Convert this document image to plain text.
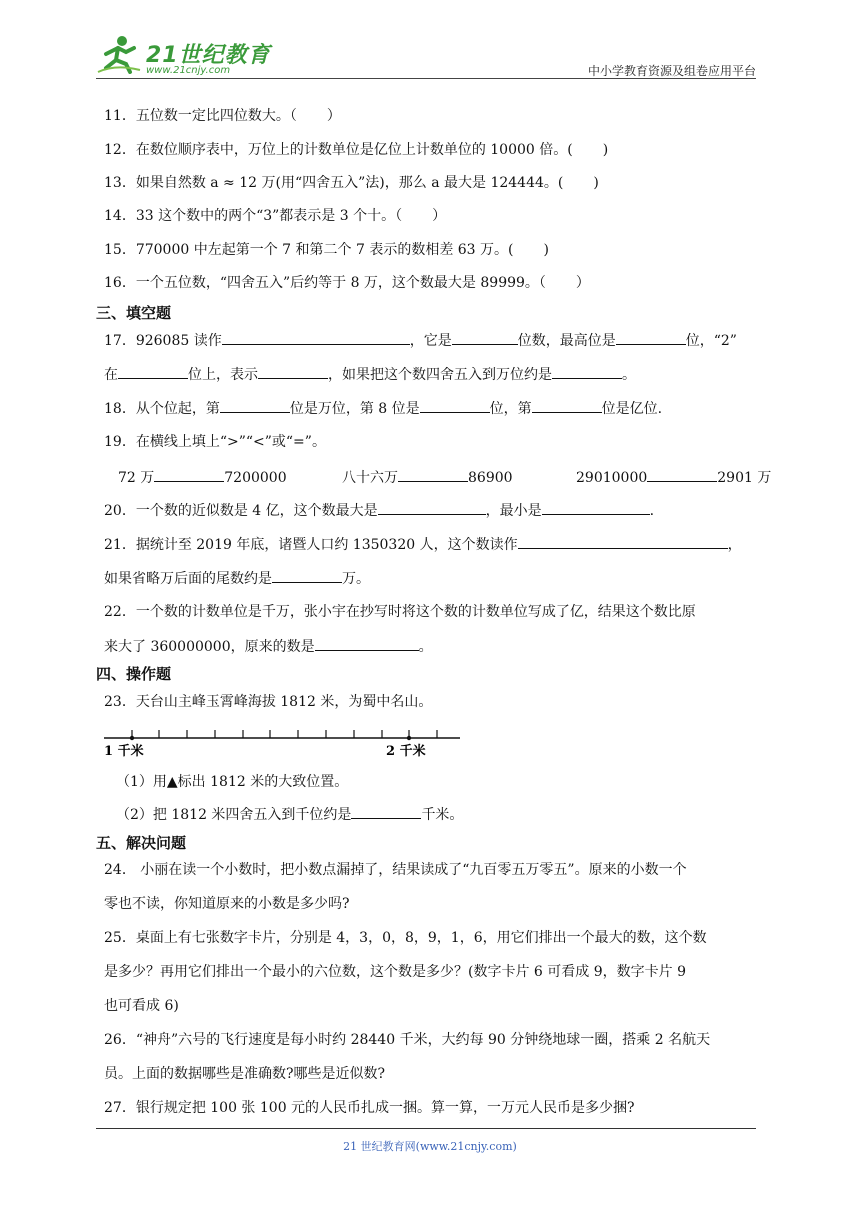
21世纪教育
www.21cnjy.com	中小学教育资源及组卷应用平台
11．五位数一定比四位数大。（ ）
12．在数位顺序表中，万位上的计数单位是亿位上计数单位的 10000 倍。( )
13．如果自然数 a ≈ 12 万(用“四舍五入”法)，那么 a 最大是 124444。( )
14．33 这个数中的两个“3”都表示是 3 个十。（ ）
15．770000 中左起第一个 7 和第二个 7 表示的数相差 63 万。( )
16．一个五位数，“四舍五入”后约等于 8 万，这个数最大是 89999。（ ）
三、填空题
17．926085 读作	，它是	位数，最高位是	位，“2”
在	位上，表示	，如果把这个数四舍五入到万位约是	。
18．从个位起，第	位是万位，第 8 位是	位，第	位是亿位.
19．在横线上填上“>”“<”或“=”。
72 万	7200000	八十六万	86900	29010000	2901 万
20．一个数的近似数是 4 亿，这个数最大是	，最小是	.
21．据统计至 2019 年底，诸暨人口约 1350320 人，这个数读作	，
如果省略万后面的尾数约是	万。
22．一个数的计数单位是千万，张小宇在抄写时将这个数的计数单位写成了亿，结果这个数比原
来大了 360000000，原来的数是	。
四、操作题
23．天台山主峰玉霄峰海拔 1812 米，为蜀中名山。
（1）用▲标出 1812 米的大致位置。
（2）把 1812 米四舍五入到千位约是	千米。
五、解决问题
24． 小丽在读一个小数时，把小数点漏掉了，结果读成了“九百零五万零五”。原来的小数一个
零也不读，你知道原来的小数是多少吗?
25．桌面上有七张数字卡片，分别是 4，3，0，8，9，1，6，用它们排出一个最大的数，这个数
是多少？再用它们排出一个最小的六位数，这个数是多少？(数字卡片 6 可看成 9，数字卡片 9
也可看成 6)
26．“神舟”六号的飞行速度是每小时约 28440 千米，大约每 90 分钟绕地球一圈，搭乘 2 名航天
员。上面的数据哪些是准确数?哪些是近似数?
27．银行规定把 100 张 100 元的人民币扎成一捆。算一算，一万元人民币是多少捆?
1 千米	2 千米
21 世纪教育网(www.21cnjy.com)
